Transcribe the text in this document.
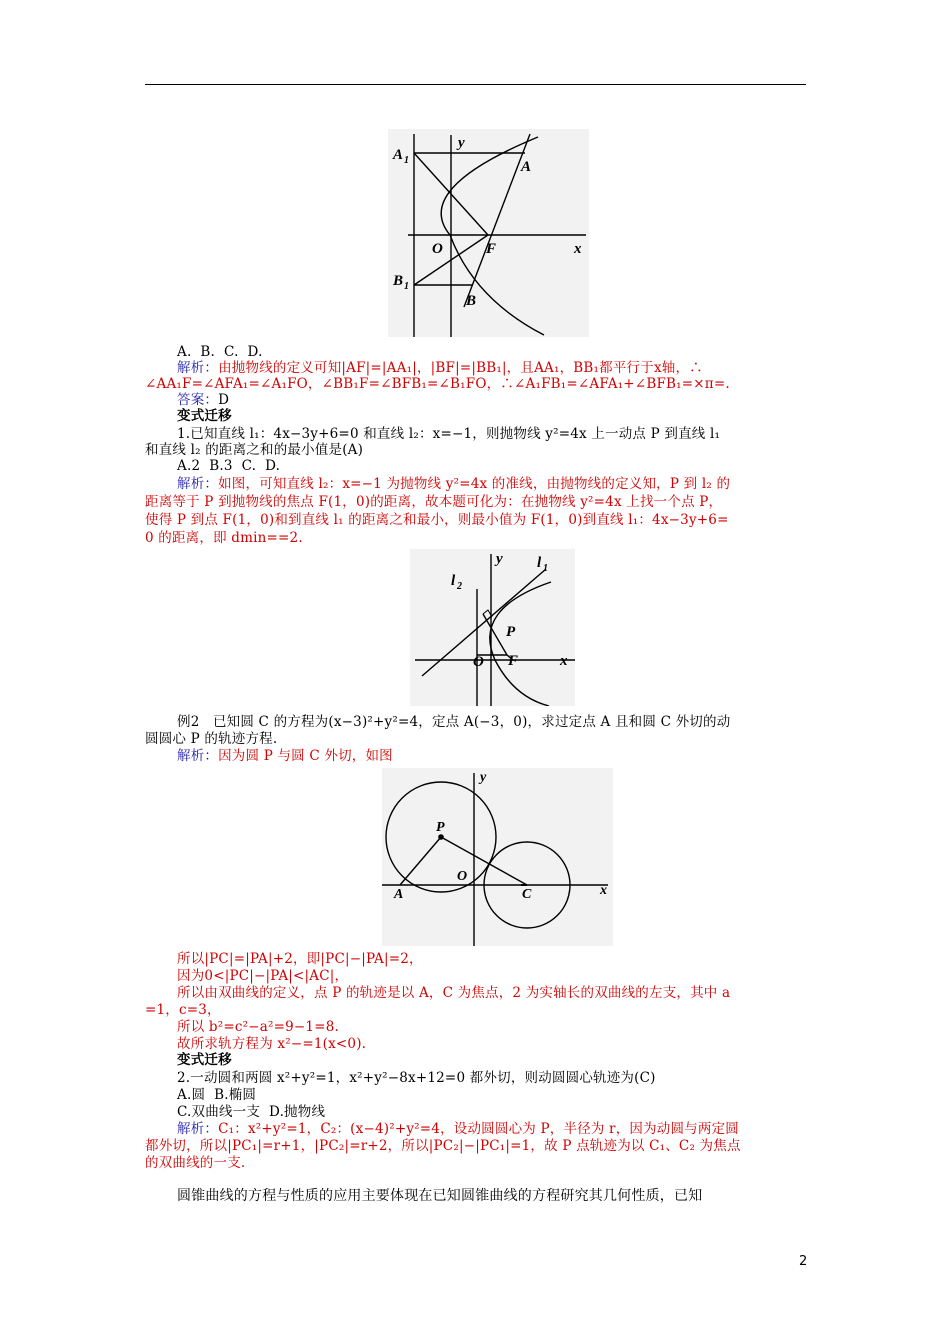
A 1
y
A
O	F	x
B 1
B
A.  B.  C.  D.
解析：由抛物线的定义可知|AF|=|AA₁|，|BF|=|BB₁|，且AA₁，BB₁都平行于x轴，∴
∠AA₁F=∠AFA₁=∠A₁FO，∠BB₁F=∠BFB₁=∠B₁FO，∴∠A₁FB₁=∠AFA₁+∠BFB₁=×π=.
答案：D
变式迁移
1.已知直线 l₁：4x−3y+6=0 和直线 l₂：x=−1，则抛物线 y²=4x 上一动点 P 到直线 l₁
和直线 l₂ 的距离之和的最小值是(A)
A.2  B.3  C.  D.
解析：如图，可知直线 l₂：x=−1 为抛物线 y²=4x 的准线，由抛物线的定义知，P 到 l₂ 的
距离等于 P 到抛物线的焦点 F(1，0)的距离，故本题可化为：在抛物线 y²=4x 上找一个点 P，
使得 P 到点 F(1，0)和到直线 l₁ 的距离之和最小，则最小值为 F(1，0)到直线 l₁：4x−3y+6=
0 的距离，即 dmin==2.
l 2
y l 1
P
O F	x
例2   已知圆 C 的方程为(x−3)²+y²=4，定点 A(−3，0)，求过定点 A 且和圆 C 外切的动
圆圆心 P 的轨迹方程.
解析：因为圆 P 与圆 C 外切，如图
x
y
P
A
O
C
所以|PC|=|PA|+2，即|PC|−|PA|=2，
因为0<|PC|−|PA|<|AC|，
所以由双曲线的定义，点 P 的轨迹是以 A，C 为焦点，2 为实轴长的双曲线的左支，其中 a
=1，c=3，
所以 b²=c²−a²=9−1=8.
故所求轨方程为 x²−=1(x<0).
变式迁移
2.一动圆和两圆 x²+y²=1，x²+y²−8x+12=0 都外切，则动圆圆心轨迹为(C)
A.圆  B.椭圆
C.双曲线一支  D.抛物线
解析：C₁：x²+y²=1，C₂：(x−4)²+y²=4，设动圆圆心为 P，半径为 r，因为动圆与两定圆
都外切，所以|PC₁|=r+1，|PC₂|=r+2，所以|PC₂|−|PC₁|=1，故 P 点轨迹为以 C₁、C₂ 为焦点
的双曲线的一支.
圆锥曲线的方程与性质的应用主要体现在已知圆锥曲线的方程研究其几何性质，已知
2
